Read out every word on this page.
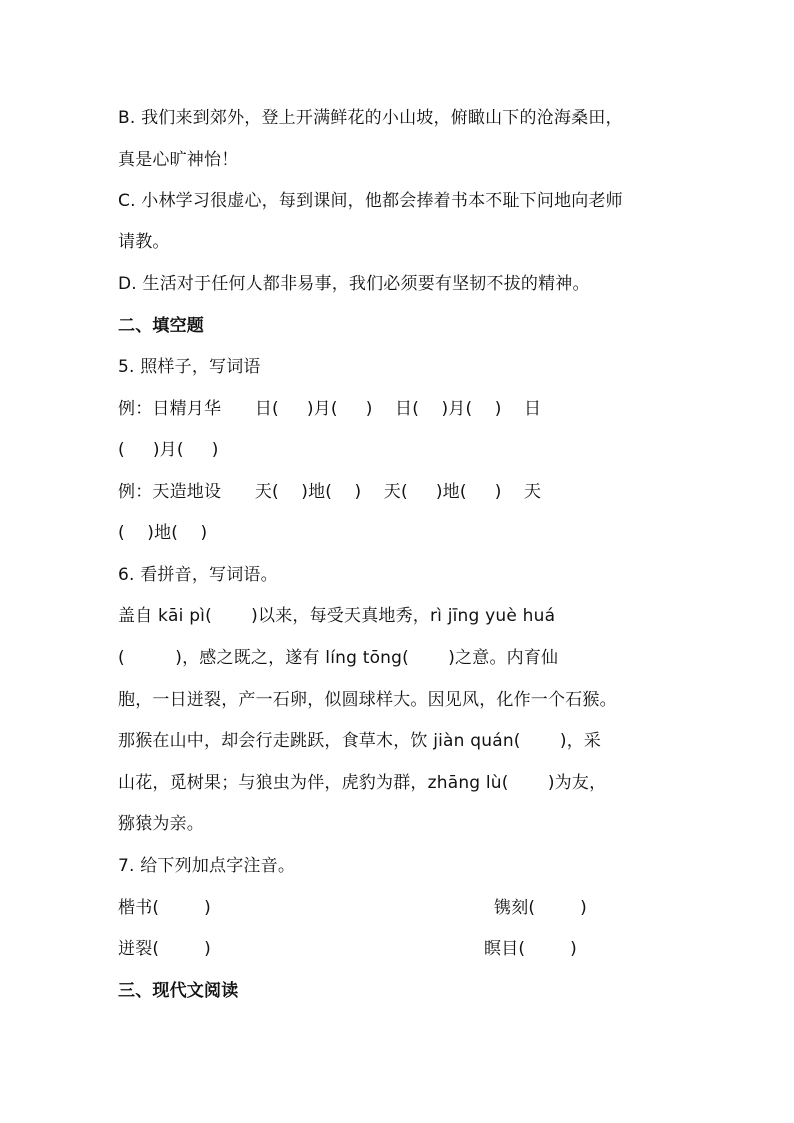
B. 我们来到郊外，登上开满鲜花的小山坡，俯瞰山下的沧海桑田，
真是心旷神怡！
C. 小林学习很虚心，每到课间，他都会捧着书本不耻下问地向老师
请教。
D. 生活对于任何人都非易事，我们必须要有坚韧不拔的精神。
二、填空题
5. 照样子，写词语
例：日精月华      日(     )月(     )    日(    )月(    )    日
(     )月(     )
例：天造地设      天(    )地(    )    天(     )地(     )    天
(    )地(    )
6. 看拼音，写词语。
盖自 kāi pì(       )以来，每受天真地秀，rì jīng yuè huá
(         )，感之既之，遂有 líng tōng(       )之意。内育仙
胞，一日迸裂，产一石卵，似圆球样大。因见风，化作一个石猴。
那猴在山中，却会行走跳跃，食草木，饮 jiàn quán(       )，采
山花，觅树果；与狼虫为伴，虎豹为群，zhāng lù(       )为友，
猕猿为亲。
7. 给下列加点字注音。

楷书(        )

	镌刻(        )

迸裂(        )

	瞑目(        )

三、现代文阅读
